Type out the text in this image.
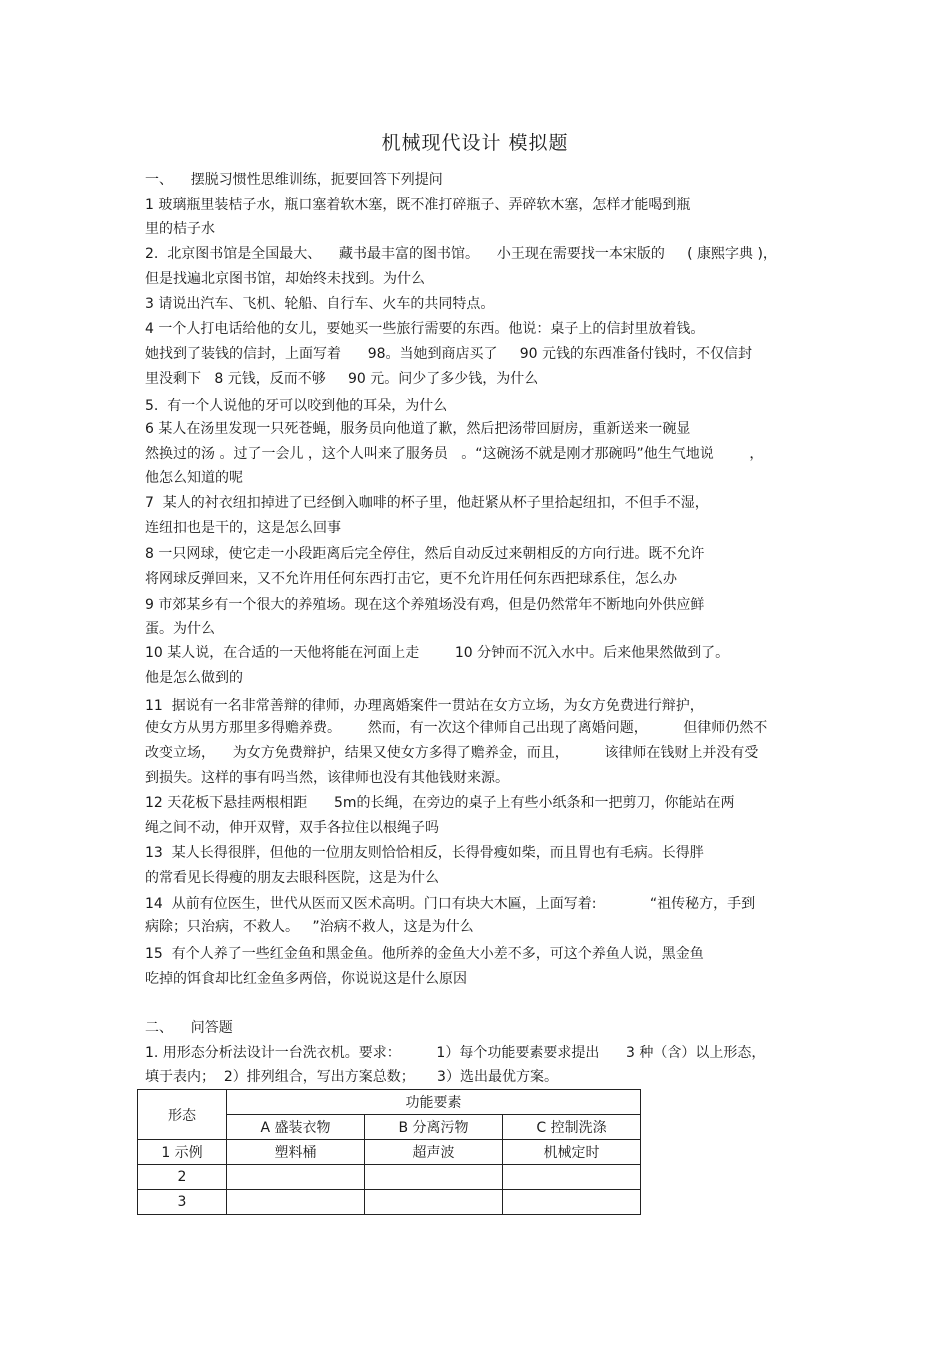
机械现代设计 模拟题
一、    摆脱习惯性思维训练，扼要回答下列提问
1 玻璃瓶里装桔子水，瓶口塞着软木塞，既不准打碎瓶子、弄碎软木塞，怎样才能喝到瓶
里的桔子水
2.  北京图书馆是全国最大、    藏书最丰富的图书馆。    小王现在需要找一本宋版的     ( 康熙字典 )，
但是找遍北京图书馆，却始终未找到。为什么
3 请说出汽车、飞机、轮船、自行车、火车的共同特点。
4 一个人打电话给他的女儿，要她买一些旅行需要的东西。他说：桌子上的信封里放着钱。
她找到了装钱的信封，上面写着      98。当她到商店买了     90 元钱的东西准备付钱时，不仅信封
里没剩下   8 元钱，反而不够     90 元。问少了多少钱，为什么
5.  有一个人说他的牙可以咬到他的耳朵，为什么
6 某人在汤里发现一只死苍蝇，服务员向他道了歉，然后把汤带回厨房，重新送来一碗显
然换过的汤 。过了一会儿 ，这个人叫来了服务员   。“这碗汤不就是刚才那碗吗”他生气地说        ，
他怎么知道的呢
7  某人的衬衣纽扣掉进了已经倒入咖啡的杯子里，他赶紧从杯子里拾起纽扣，不但手不湿，
连纽扣也是干的，这是怎么回事
8 一只网球，使它走一小段距离后完全停住，然后自动反过来朝相反的方向行进。既不允许
将网球反弹回来，又不允许用任何东西打击它，更不允许用任何东西把球系住，怎么办
9 市郊某乡有一个很大的养殖场。现在这个养殖场没有鸡，但是仍然常年不断地向外供应鲜
蛋。为什么
10 某人说，在合适的一天他将能在河面上走        10 分钟而不沉入水中。后来他果然做到了。
他是怎么做到的
11  据说有一名非常善辩的律师，办理离婚案件一贯站在女方立场，为女方免费进行辩护，
使女方从男方那里多得赡养费。      然而，有一次这个律师自己出现了离婚问题，        但律师仍然不
改变立场，    为女方免费辩护，结果又使女方多得了赡养金，而且，        该律师在钱财上并没有受
到损失。这样的事有吗当然，该律师也没有其他钱财来源。
12 天花板下悬挂两根相距      5m的长绳，在旁边的桌子上有些小纸条和一把剪刀，你能站在两
绳之间不动，伸开双臂，双手各拉住以根绳子吗
13  某人长得很胖，但他的一位朋友则恰恰相反，长得骨瘦如柴，而且胃也有毛病。长得胖
的常看见长得瘦的朋友去眼科医院，这是为什么
14  从前有位医生，世代从医而又医术高明。门口有块大木匾，上面写着:            “祖传秘方，手到
病除；只治病，不救人。   ”治病不救人，这是为什么
15  有个人养了一些红金鱼和黑金鱼。他所养的金鱼大小差不多，可这个养鱼人说，黑金鱼
吃掉的饵食却比红金鱼多两倍，你说说这是什么原因
二、    问答题
1. 用形态分析法设计一台洗衣机。要求：        1）每个功能要素要求提出      3 种（含）以上形态，
填于表内；  2）排列组合，写出方案总数；     3）选出最优方案。
形态	功能要素		
	A 盛装衣物	B 分离污物	C 控制洗涤
1 示例	塑料桶	超声波	机械定时
2			
3			
